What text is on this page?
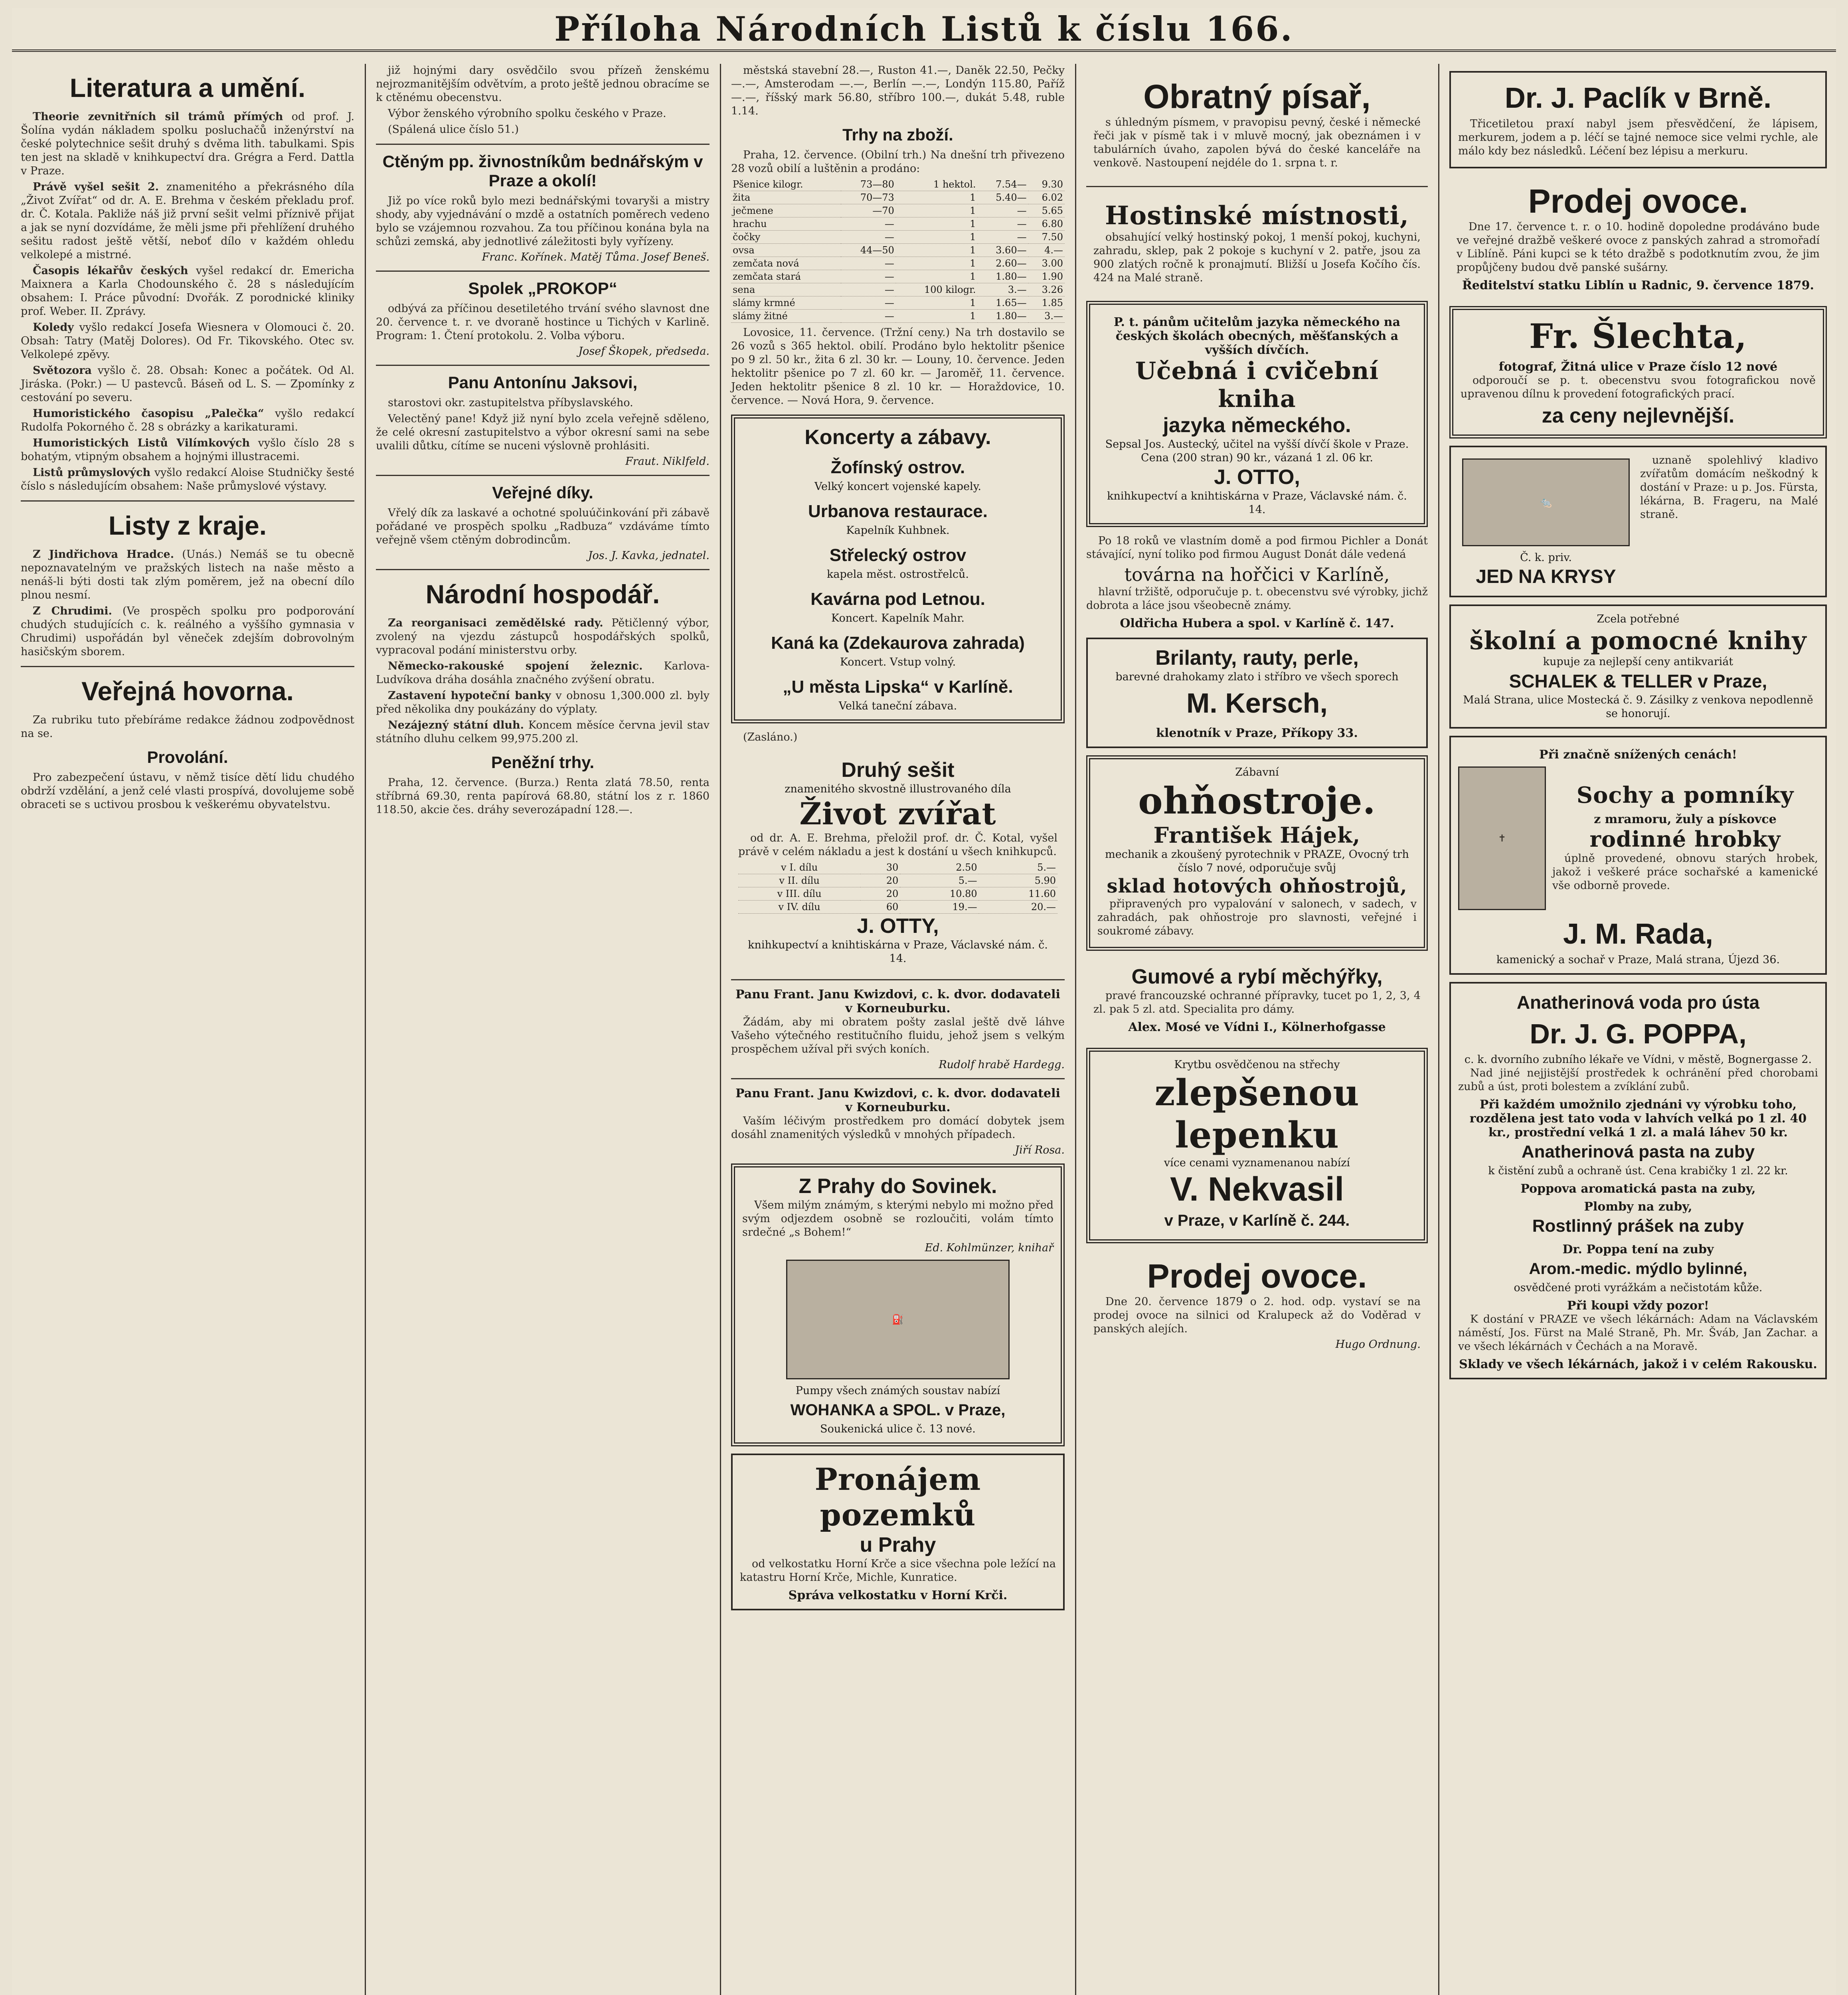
Příloha Národních Listů k číslu 166.
Literatura a umění.

Theorie zevnitřních sil trámů přímých od prof. J. Šolína vydán nákladem spolku posluchačů inženýrství na české polytechnice sešit druhý s dvěma lith. tabulkami. Spis ten jest na skladě v knihkupectví dra. Grégra a Ferd. Dattla v Praze.

Právě vyšel sešit 2. znamenitého a překrásného díla „Život Zvířat“ od dr. A. E. Brehma v českém překladu prof. dr. Č. Kotala. Pakliže náš již první sešit velmi příznivě přijat a jak se nyní dozvídáme, že měli jsme při přehlížení druhého sešitu radost ještě větší, neboť dílo v každém ohledu velkolepé a mistrné.

Časopis lékařův českých vyšel redakcí dr. Emericha Maixnera a Karla Chodounského č. 28 s následujícím obsahem: I. Práce původní: Dvořák. Z porodnické kliniky prof. Weber. II. Zprávy.

Koledy vyšlo redakcí Josefa Wiesnera v Olomouci č. 20. Obsah: Tatry (Matěj Dolores). Od Fr. Tikovského. Otec sv. Velkolepé zpěvy.

Světozora vyšlo č. 28. Obsah: Konec a počátek. Od Al. Jiráska. (Pokr.) — U pastevců. Báseň od L. S. — Zpomínky z cestování po severu.

Humoristického časopisu „Palečka“ vyšlo redakcí Rudolfa Pokorného č. 28 s obrázky a karikaturami.

Humoristických Listů Vilímkových vyšlo číslo 28 s bohatým, vtipným obsahem a hojnými illustracemi.

Listů průmyslových vyšlo redakcí Aloise Studničky šesté číslo s následujícím obsahem: Naše průmyslové výstavy.

Listy z kraje.

Z Jindřichova Hradce. (Unás.) Nemáš se tu obecně nepoznavatelným ve pražských listech na naše město a nenáš-li býti dosti tak zlým poměrem, jež na obecní dílo plnou nesmí.

Z Chrudimi. (Ve prospěch spolku pro podporování chudých studujících c. k. reálného a vyššího gymnasia v Chrudimi) uspořádán byl věneček zdejším dobrovolným hasičským sborem.

Veřejná hovorna.

Za rubriku tuto přebíráme redakce žádnou zodpovědnost na se.

Provolání.

Pro zabezpečení ústavu, v němž tisíce dětí lidu chudého obdrží vzdělání, a jenž celé vlasti prospívá, dovolujeme sobě obraceti se s uctivou prosbou k veškerému obyvatelstvu.

již hojnými dary osvědčilo svou přízeň ženskému nejrozmanitějším odvětvím, a proto ještě jednou obracíme se k ctěnému obecenstvu.

Výbor ženského výrobního spolku českého v Praze.

(Spálená ulice číslo 51.)

Ctěným pp. živnostníkům bednářským v Praze a okolí!

Již po více roků bylo mezi bednářskými tovaryši a mistry shody, aby vyjednávání o mzdě a ostatních poměrech vedeno bylo se vzájemnou rozvahou. Za tou příčinou konána byla na schůzi zemská, aby jednotlivé záležitosti byly vyřízeny.

Franc. Kořínek. Matěj Tůma. Josef Beneš.
Spolek „PROKOP“

odbývá za příčinou desetiletého trvání svého slavnost dne 20. července t. r. ve dvoraně hostince u Tichých v Karlině. Program: 1. Čtení protokolu. 2. Volba výboru.

Josef Škopek, předseda.
Panu Antonínu Jaksovi,

starostovi okr. zastupitelstva příbyslavského.

Velectěný pane! Když již nyní bylo zcela veřejně sděleno, že celé okresní zastupitelstvo a výbor okresní sami na sebe uvalili důtku, cítíme se nuceni výslovně prohlásiti.

Fraut. Niklfeld.
Veřejné díky.

Vřelý dík za laskavé a ochotné spoluúčinkování při zábavě pořádané ve prospěch spolku „Radbuza“ vzdáváme tímto veřejně všem ctěným dobrodincům.

Jos. J. Kavka, jednatel.
Národní hospodář.

Za reorganisaci zemědělské rady. Pětičlenný výbor, zvolený na vjezdu zástupců hospodářských spolků, vypracoval podání ministerstvu orby.

Německo-rakouské spojení železnic. Karlova-Ludvíkova dráha dosáhla značného zvýšení obratu.

Zastavení hypoteční banky v obnosu 1,300.000 zl. byly před několika dny poukázány do výplaty.

Nezájezný státní dluh. Koncem měsíce června jevil stav státního dluhu celkem 99,975.200 zl.

Peněžní trhy.

Praha, 12. července. (Burza.) Renta zlatá 78.50, renta stříbrná 69.30, renta papírová 68.80, státní los z r. 1860 118.50, akcie čes. dráhy severozápadní 128.—.

městská stavební 28.—, Ruston 41.—, Daněk 22.50, Pečky —.—, Amsterodam —.—, Berlín —.—, Londýn 115.80, Paříž —.—, říšský mark 56.80, stříbro 100.—, dukát 5.48, ruble 1.14.

Trhy na zboží.

Praha, 12. července. (Obilní trh.) Na dnešní trh přivezeno 28 vozů obilí a luštěnin a prodáno:

Pšenice kilogr.	73—80	1 hektol.	7.54—	9.30
žita	70—73	1	5.40—	6.02
ječmene	—70	1	—	5.65
hrachu	—	1	—	6.80
čočky	—	1	—	7.50
ovsa	44—50	1	3.60—	4.—
zemčata nová	—	1	2.60—	3.00
zemčata stará	—	1	1.80—	1.90
sena	—	100 kilogr.	3.—	3.26
slámy krmné	—	1	1.65—	1.85
slámy žitné	—	1	1.80—	3.—

Lovosice, 11. července. (Tržní ceny.) Na trh dostavilo se 26 vozů s 365 hektol. obilí. Prodáno bylo hektolitr pšenice po 9 zl. 50 kr., žita 6 zl. 30 kr. — Louny, 10. července. Jeden hektolitr pšenice po 7 zl. 60 kr. — Jaroměř, 11. července. Jeden hektolitr pšenice 8 zl. 10 kr. — Horaždovice, 10. července. — Nová Hora, 9. července.

Koncerty a zábavy.
Žofínský ostrov.
Velký koncert vojenské kapely.
Urbanova restaurace.
Kapelník Kuhbnek.
Střelecký ostrov
kapela měst. ostrostřelců.
Kavárna pod Letnou.
Koncert. Kapelník Mahr.
Kaná ka (Zdekaurova zahrada)
Koncert. Vstup volný.
„U města Lipska“ v Karlíně.
Velká taneční zábava.

(Zasláno.)

Druhý sešit
znamenitého skvostně illustrovaného díla
Život zvířat

od dr. A. E. Brehma, přeložil prof. dr. Č. Kotal, vyšel právě v celém nákladu a jest k dostání u všech knihkupců.

v I. dílu	30	2.50	5.—
v II. dílu	20	5.—	5.90
v III. dílu	20	10.80	11.60
v IV. dílu	60	19.—	20.—
J. OTTY,
knihkupectví a knihtiskárna v Praze, Václavské nám. č. 14.
Panu Frant. Janu Kwizdovi, c. k. dvor. dodavateli v Korneuburku.

Žádám, aby mi obratem pošty zaslal ještě dvě láhve Vašeho výtečného restitučního fluidu, jehož jsem s velkým prospěchem užíval při svých koních.

Rudolf hrabě Hardegg.
Panu Frant. Janu Kwizdovi, c. k. dvor. dodavateli v Korneuburku.

Vaším léčivým prostředkem pro domácí dobytek jsem dosáhl znamenitých výsledků v mnohých případech.

Jiří Rosa.
Z Prahy do Sovinek.

Všem milým známým, s kterými nebylo mi možno před svým odjezdem osobně se rozloučiti, volám tímto srdečné „s Bohem!“

Ed. Kohlmünzer, knihař
⛽
Pumpy všech známých soustav nabízí
WOHANKA a SPOL. v Praze,
Soukenická ulice č. 13 nové.
Pronájem pozemků
u Prahy

od velkostatku Horní Krče a sice všechna pole ležící na katastru Horní Krče, Michle, Kunratice.

Správa velkostatku v Horní Krči.
Obratný písař,

s úhledným písmem, v pravopisu pevný, české i německé řeči jak v písmě tak i v mluvě mocný, jak obeznámen i v tabulárních úvaho, zapolen bývá do české kanceláře na venkově. Nastoupení nejdéle do 1. srpna t. r.

Hostinské místnosti,

obsahující velký hostinský pokoj, 1 menší pokoj, kuchyni, zahradu, sklep, pak 2 pokoje s kuchyní v 2. patře, jsou za 900 zlatých ročně k pronajmutí. Bližší u Josefa Kočího čís. 424 na Malé straně.

P. t. pánům učitelům jazyka německého na českých školách obecných, měšťanských a vyšších dívčích.
Učebná i cvičební kniha
jazyka německého.
Sepsal Jos. Austecký, učitel na vyšší dívčí škole v Praze.
Cena (200 stran) 90 kr., vázaná 1 zl. 06 kr.
J. OTTO,
knihkupectví a knihtiskárna v Praze, Václavské nám. č. 14.

Po 18 roků ve vlastním domě a pod firmou Pichler a Donát stávající, nyní toliko pod firmou August Donát dále vedená

továrna na hořčici v Karlíně,

hlavní tržiště, odporučuje p. t. obecenstvu své výrobky, jichž dobrota a láce jsou všeobecně známy.

Oldřicha Hubera a spol. v Karlíně č. 147.
Brilanty, rauty, perle,
barevné drahokamy zlato i stříbro ve všech sporech
M. Kersch,
klenotník v Praze, Příkopy 33.
Zábavní
ohňostroje.
František Hájek,
mechanik a zkoušený pyrotechnik v PRAZE, Ovocný trh číslo 7 nové, odporučuje svůj
sklad hotových ohňostrojů,

připravených pro vypalování v salonech, v sadech, v zahradách, pak ohňostroje pro slavnosti, veřejné i soukromé zábavy.

Gumové a rybí měchýřky,

pravé francouzské ochranné přípravky, tucet po 1, 2, 3, 4 zl. pak 5 zl. atd. Specialita pro dámy.

Alex. Mosé ve Vídni I., Kölnerhofgasse
Krytbu osvědčenou na střechy
zlepšenou lepenku
více cenami vyznamenanou nabízí
V. Nekvasil
v Praze, v Karlíně č. 244.
Prodej ovoce.

Dne 20. července 1879 o 2. hod. odp. vystaví se na prodej ovoce na silnici od Kralupeck až do Voděrad v panských alejích.

Hugo Ordnung.
Dr. J. Paclík v Brně.

Třicetiletou praxí nabyl jsem přesvědčení, že lápisem, merkurem, jodem a p. léčí se tajné nemoce sice velmi rychle, ale málo kdy bez následků. Léčení bez lépisu a merkuru.

Prodej ovoce.

Dne 17. července t. r. o 10. hodině dopoledne prodáváno bude ve veřejné dražbě veškeré ovoce z panských zahrad a stromořadí v Liblíně. Páni kupci se k této dražbě s podotknutím zvou, že jim propůjčeny budou dvě panské sušárny.

Ředitelství statku Liblín u Radnic, 9. července 1879.
Fr. Šlechta,
fotograf, Žitná ulice v Praze číslo 12 nové

odporoučí se p. t. obecenstvu svou fotografickou nově upravenou dílnu k provedení fotografických prací.

za ceny nejlevnější.
🐀
Č. k. priv.
JED NA KRYSY

uznaně spolehlivý kladivo zvířatům domácím neškodný k dostání v Praze: u p. Jos. Fürsta, lékárna, B. Frageru, na Malé straně.

Zcela potřebné
školní a pomocné knihy
kupuje za nejlepší ceny antikvariát
SCHALEK & TELLER v Praze,
Malá Strana, ulice Mostecká č. 9. Zásilky z venkova nepodlenně se honorují.
Při značně snížených cenách!
✝
Sochy a pomníky
z mramoru, žuly a pískovce
rodinné hrobky

úplně provedené, obnovu starých hrobek, jakož i veškeré práce sochařské a kamenické vše odborně provede.

J. M. Rada,
kamenický a sochař v Praze, Malá strana, Újezd 36.
Anatherinová voda pro ústa
Dr. J. G. POPPA,
c. k. dvorního zubního lékaře ve Vídni, v městě, Bognergasse 2.

Nad jiné nejjistější prostředek k ochránění před chorobami zubů a úst, proti bolestem a zvíklání zubů.

Při každém umožnilo zjednáni vy výrobku toho, rozdělena jest tato voda v lahvích velká po 1 zl. 40 kr., prostřední velká 1 zl. a malá láhev 50 kr.
Anatherinová pasta na zuby
k čistění zubů a ochraně úst. Cena krabičky 1 zl. 22 kr.
Poppova aromatická pasta na zuby,
Plomby na zuby,
Rostlinný prášek na zuby
Dr. Poppa tení na zuby
Arom.-medic. mýdlo bylinné,
osvědčené proti vyrážkám a nečistotám kůže.
Při koupi vždy pozor!

K dostání v PRAZE ve všech lékárnách: Adam na Václavském náměstí, Jos. Fürst na Malé Straně, Ph. Mr. Šváb, Jan Zachar. a ve všech lékárnách v Čechách a na Moravě.

Sklady ve všech lékárnách, jakož i v celém Rakousku.
